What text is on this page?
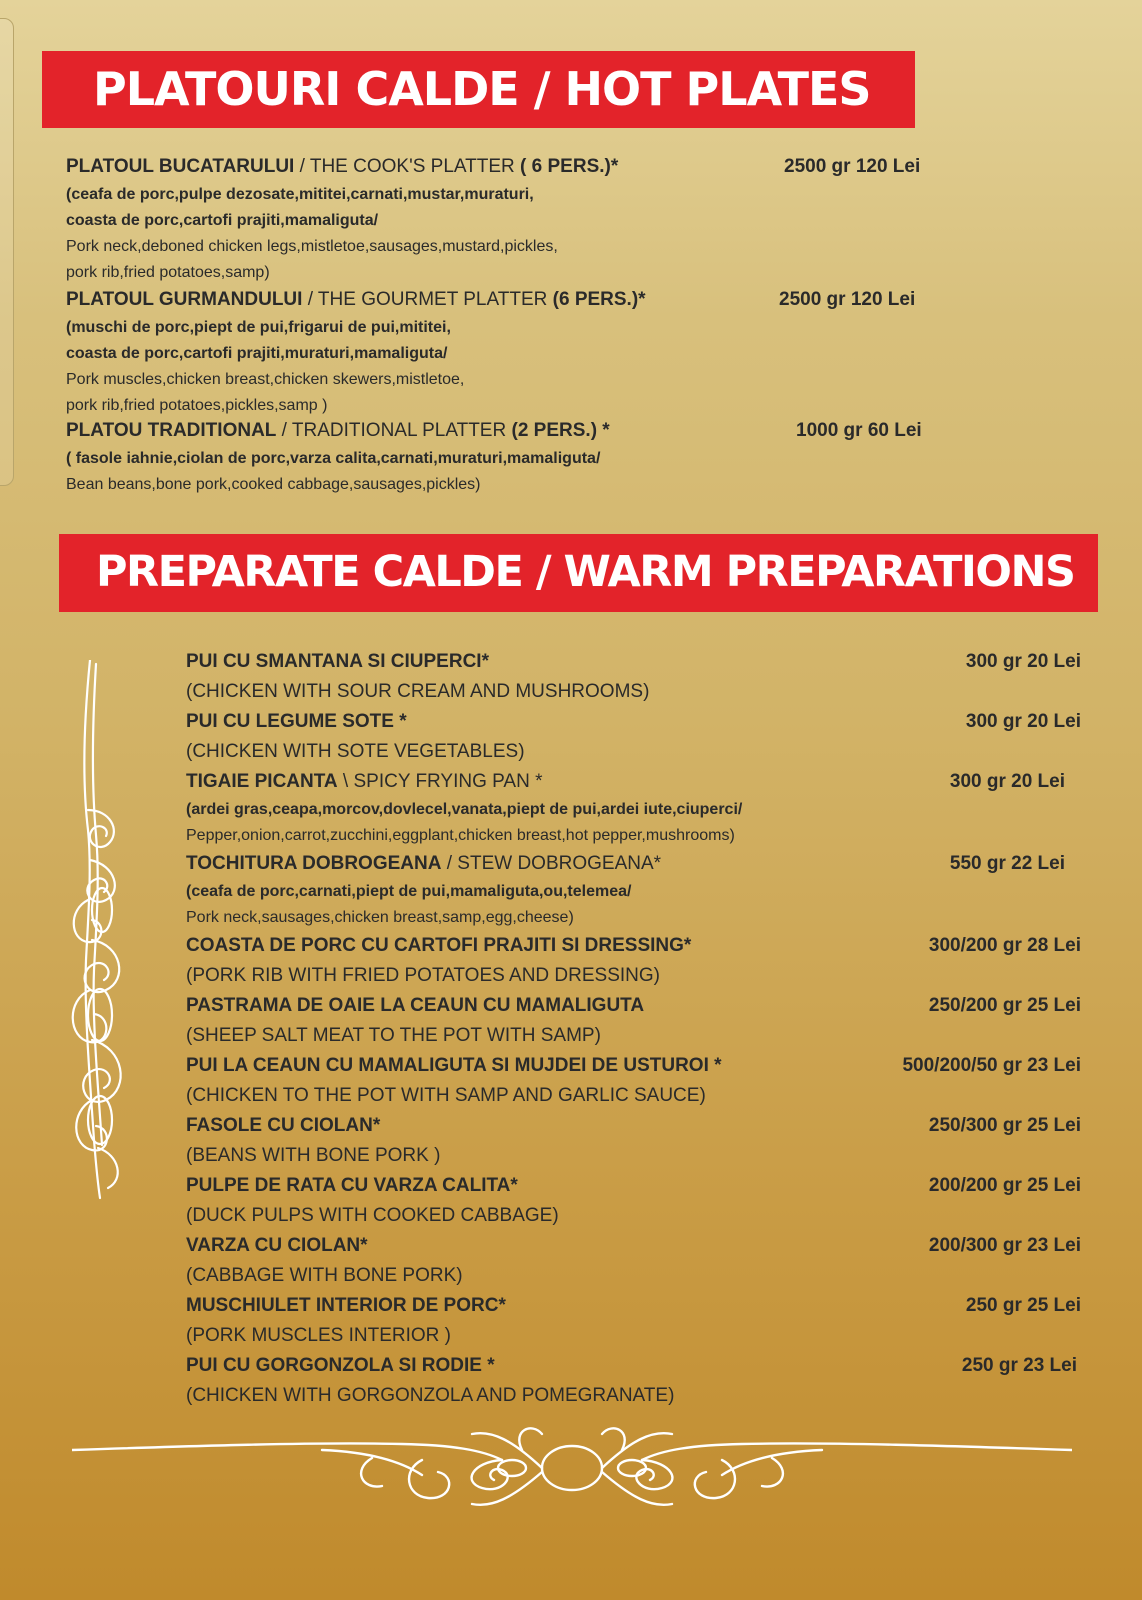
PLATOURI CALDE / HOT PLATES
PLATOUL BUCATARULUI / THE COOK'S PLATTER ( 6 PERS.)*	2500 gr 120 Lei
(ceafa de porc,pulpe dezosate,mititei,carnati,mustar,muraturi,
coasta de porc,cartofi prajiti,mamaliguta/
Pork neck,deboned chicken legs,mistletoe,sausages,mustard,pickles,
pork rib,fried potatoes,samp)
PLATOUL GURMANDULUI / THE GOURMET PLATTER (6 PERS.)*	2500 gr 120 Lei
(muschi de porc,piept de pui,frigarui de pui,mititei,
coasta de porc,cartofi prajiti,muraturi,mamaliguta/
Pork muscles,chicken breast,chicken skewers,mistletoe,
pork rib,fried potatoes,pickles,samp )
PLATOU TRADITIONAL / TRADITIONAL PLATTER (2 PERS.) *	1000 gr 60 Lei
( fasole iahnie,ciolan de porc,varza calita,carnati,muraturi,mamaliguta/
Bean beans,bone pork,cooked cabbage,sausages,pickles)
PREPARATE CALDE / WARM PREPARATIONS
PUI CU SMANTANA SI CIUPERCI*	300 gr 20 Lei
(CHICKEN WITH SOUR CREAM AND MUSHROOMS)
PUI CU LEGUME SOTE *	300 gr 20 Lei
(CHICKEN WITH SOTE VEGETABLES)
TIGAIE PICANTA \ SPICY FRYING PAN *	300 gr 20 Lei
(ardei gras,ceapa,morcov,dovlecel,vanata,piept de pui,ardei iute,ciuperci/
Pepper,onion,carrot,zucchini,eggplant,chicken breast,hot pepper,mushrooms)
TOCHITURA DOBROGEANA / STEW DOBROGEANA*	550 gr 22 Lei
(ceafa de porc,carnati,piept de pui,mamaliguta,ou,telemea/
Pork neck,sausages,chicken breast,samp,egg,cheese)
COASTA DE PORC CU CARTOFI PRAJITI SI DRESSING*	300/200 gr 28 Lei
(PORK RIB WITH FRIED POTATOES AND DRESSING)
PASTRAMA DE OAIE LA CEAUN CU MAMALIGUTA	250/200 gr 25 Lei
(SHEEP SALT MEAT TO THE POT WITH SAMP)
PUI LA CEAUN CU MAMALIGUTA SI MUJDEI DE USTUROI *	500/200/50 gr 23 Lei
(CHICKEN TO THE POT WITH SAMP AND GARLIC SAUCE)
FASOLE CU CIOLAN*	250/300 gr 25 Lei
(BEANS WITH BONE PORK )
PULPE DE RATA CU VARZA CALITA*	200/200 gr 25 Lei
(DUCK PULPS WITH COOKED CABBAGE)
VARZA CU CIOLAN*	200/300 gr 23 Lei
(CABBAGE WITH BONE PORK)
MUSCHIULET INTERIOR DE PORC*	250 gr 25 Lei
(PORK MUSCLES INTERIOR )
PUI CU GORGONZOLA SI RODIE *	250 gr 23 Lei
(CHICKEN WITH GORGONZOLA AND POMEGRANATE)
